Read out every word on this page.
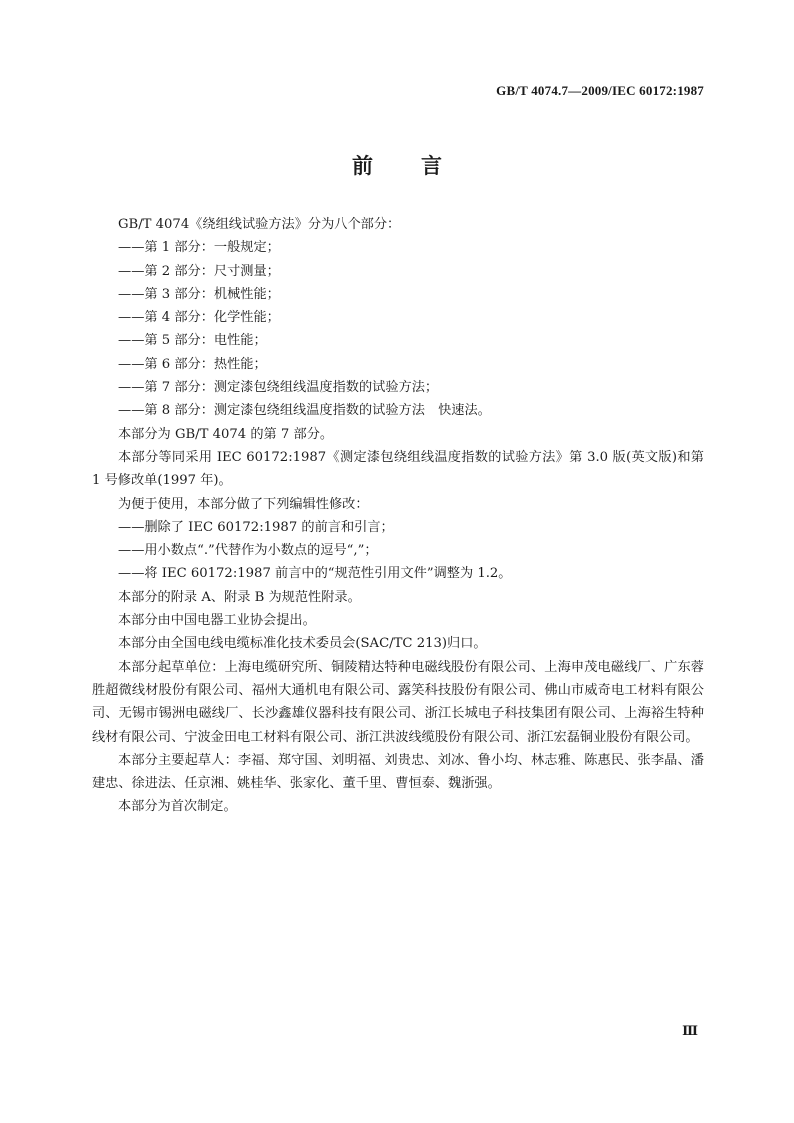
GB/T 4074.7—2009/IEC 60172:1987
前言

GB/T 4074《绕组线试验方法》分为八个部分：

——第 1 部分：一般规定；

——第 2 部分：尺寸测量；

——第 3 部分：机械性能；

——第 4 部分：化学性能；

——第 5 部分：电性能；

——第 6 部分：热性能；

——第 7 部分：测定漆包绕组线温度指数的试验方法；

——第 8 部分：测定漆包绕组线温度指数的试验方法　快速法。

本部分为 GB/T 4074 的第 7 部分。

本部分等同采用 IEC 60172:1987《测定漆包绕组线温度指数的试验方法》第 3.0 版(英文版)和第 1 号修改单(1997 年)。

为便于使用，本部分做了下列编辑性修改：

——删除了 IEC 60172:1987 的前言和引言；

——用小数点“.”代替作为小数点的逗号“,”；

——将 IEC 60172:1987 前言中的“规范性引用文件”调整为 1.2。

本部分的附录 A、附录 B 为规范性附录。

本部分由中国电器工业协会提出。

本部分由全国电线电缆标准化技术委员会(SAC/TC 213)归口。

本部分起草单位：上海电缆研究所、铜陵精达特种电磁线股份有限公司、上海申茂电磁线厂、广东蓉胜超微线材股份有限公司、福州大通机电有限公司、露笑科技股份有限公司、佛山市威奇电工材料有限公司、无锡市锡洲电磁线厂、长沙鑫雄仪器科技有限公司、浙江长城电子科技集团有限公司、上海裕生特种线材有限公司、宁波金田电工材料有限公司、浙江洪波线缆股份有限公司、浙江宏磊铜业股份有限公司。

本部分主要起草人：李福、郑守国、刘明福、刘贵忠、刘冰、鲁小均、林志雅、陈惠民、张李晶、潘建忠、徐进法、任京湘、姚桂华、张家化、董千里、曹恒泰、魏浙强。

本部分为首次制定。

Ⅲ
